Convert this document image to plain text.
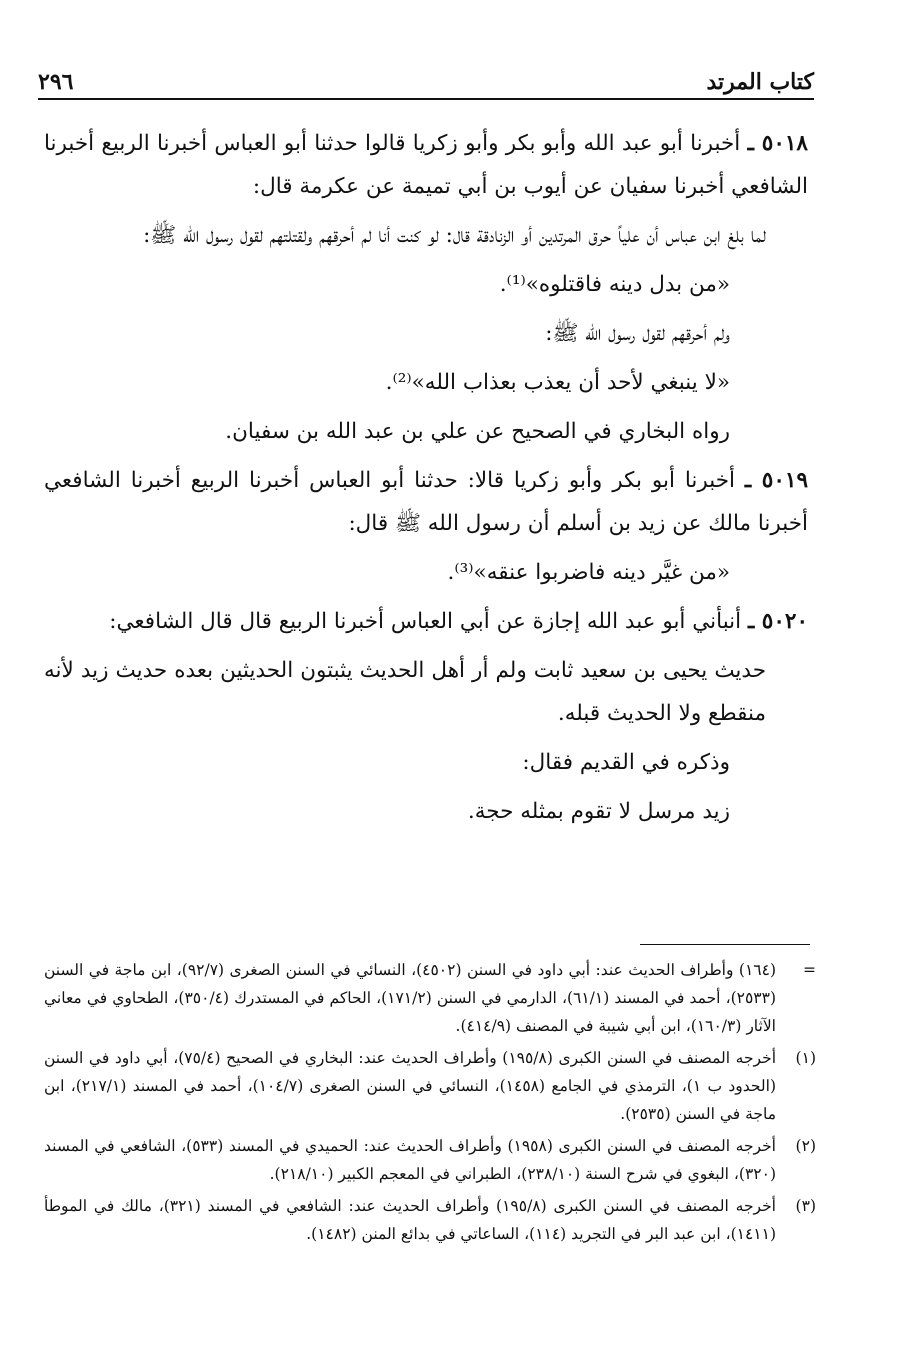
كتاب المرتد
٢٩٦

٥٠١٨ ـ أخبرنا أبو عبد الله وأبو بكر وأبو زكريا قالوا حدثنا أبو العباس أخبرنا الربيع أخبرنا الشافعي أخبرنا سفيان عن أيوب بن أبي تميمة عن عكرمة قال:

لما بلغ ابن عباس أن علياً حرق المرتدين أو الزنادقة قال: لو كنت أنا لم أحرقهم ولقتلتهم لقول رسول الله ﷺ:

«من بدل دينه فاقتلوه»⁽¹⁾.

ولم أحرقهم لقول رسول الله ﷺ:

«لا ينبغي لأحد أن يعذب بعذاب الله»⁽²⁾.

رواه البخاري في الصحيح عن علي بن عبد الله بن سفيان.

٥٠١٩ ـ أخبرنا أبو بكر وأبو زكريا قالا: حدثنا أبو العباس أخبرنا الربيع أخبرنا الشافعي أخبرنا مالك عن زيد بن أسلم أن رسول الله ﷺ قال:

«من غيَّر دينه فاضربوا عنقه»⁽³⁾.

٥٠٢٠ ـ أنبأني أبو عبد الله إجازة عن أبي العباس أخبرنا الربيع قال قال الشافعي:

حديث يحيى بن سعيد ثابت ولم أر أهل الحديث يثبتون الحديثين بعده حديث زيد لأنه منقطع ولا الحديث قبله.

وذكره في القديم فقال:

زيد مرسل لا تقوم بمثله حجة.

=
(١٦٤) وأطراف الحديث عند: أبي داود في السنن (٤٥٠٢)، النسائي في السنن الصغرى (٩٢/٧)، ابن ماجة في السنن (٢٥٣٣)، أحمد في المسند (٦١/١)، الدارمي في السنن (١٧١/٢)، الحاكم في المستدرك (٣٥٠/٤)، الطحاوي في معاني الآثار (١٦٠/٣)، ابن أبي شيبة في المصنف (٤١٤/٩).
(١)
أخرجه المصنف في السنن الكبرى (١٩٥/٨) وأطراف الحديث عند: البخاري في الصحيح (٧٥/٤)، أبي داود في السنن (الحدود ب ١)، الترمذي في الجامع (١٤٥٨)، النسائي في السنن الصغرى (١٠٤/٧)، أحمد في المسند (٢١٧/١)، ابن ماجة في السنن (٢٥٣٥).
(٢)
أخرجه المصنف في السنن الكبرى (١٩٥٨) وأطراف الحديث عند: الحميدي في المسند (٥٣٣)، الشافعي في المسند (٣٢٠)، البغوي في شرح السنة (٢٣٨/١٠)، الطبراني في المعجم الكبير (٢١٨/١٠).
(٣)
أخرجه المصنف في السنن الكبرى (١٩٥/٨) وأطراف الحديث عند: الشافعي في المسند (٣٢١)، مالك في الموطأ (١٤١١)، ابن عبد البر في التجريد (١١٤)، الساعاتي في بدائع المنن (١٤٨٢).
